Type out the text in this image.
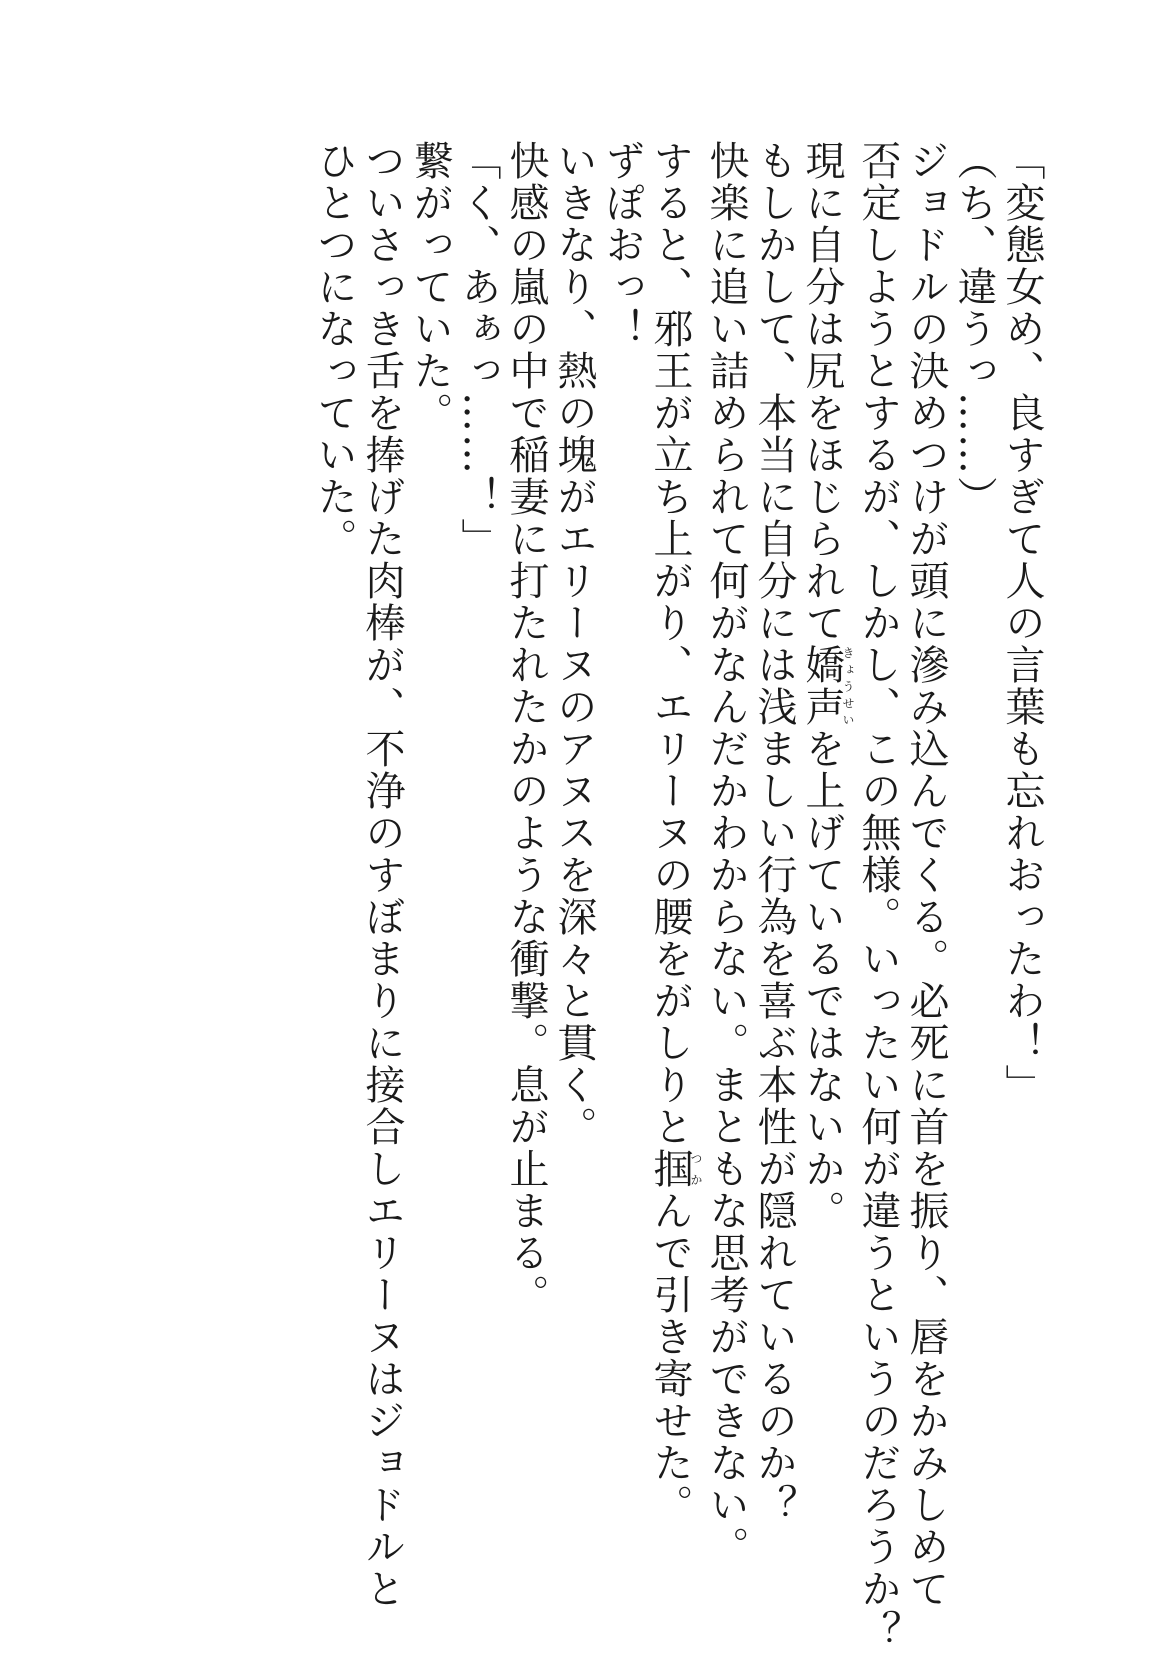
「変態女め、良すぎて人の言葉も忘れおったわ！」
（ち、違うっ……）
ジョドルの決めつけが頭に滲み込んでくる。必死に首を振り、唇をかみしめて
否定しようとするが、しかし、この無様。いったい何が違うというのだろうか？
現に自分は尻をほじられて嬌声きょうせいを上げているではないか。
もしかして、本当に自分には浅ましい行為を喜ぶ本性が隠れているのか？
快楽に追い詰められて何がなんだかわからない。まともな思考ができない。
すると、邪王が立ち上がり、エリーヌの腰をがしりと掴つかんで引き寄せた。
ずぽおっ！
いきなり、熱の塊がエリーヌのアヌスを深々と貫く。
快感の嵐の中で稲妻に打たれたかのような衝撃。息が止まる。
「く、あぁっ……！」
繋がっていた。
ついさっき舌を捧げた肉棒が、不浄のすぼまりに接合しエリーヌはジョドルと
ひとつになっていた。
